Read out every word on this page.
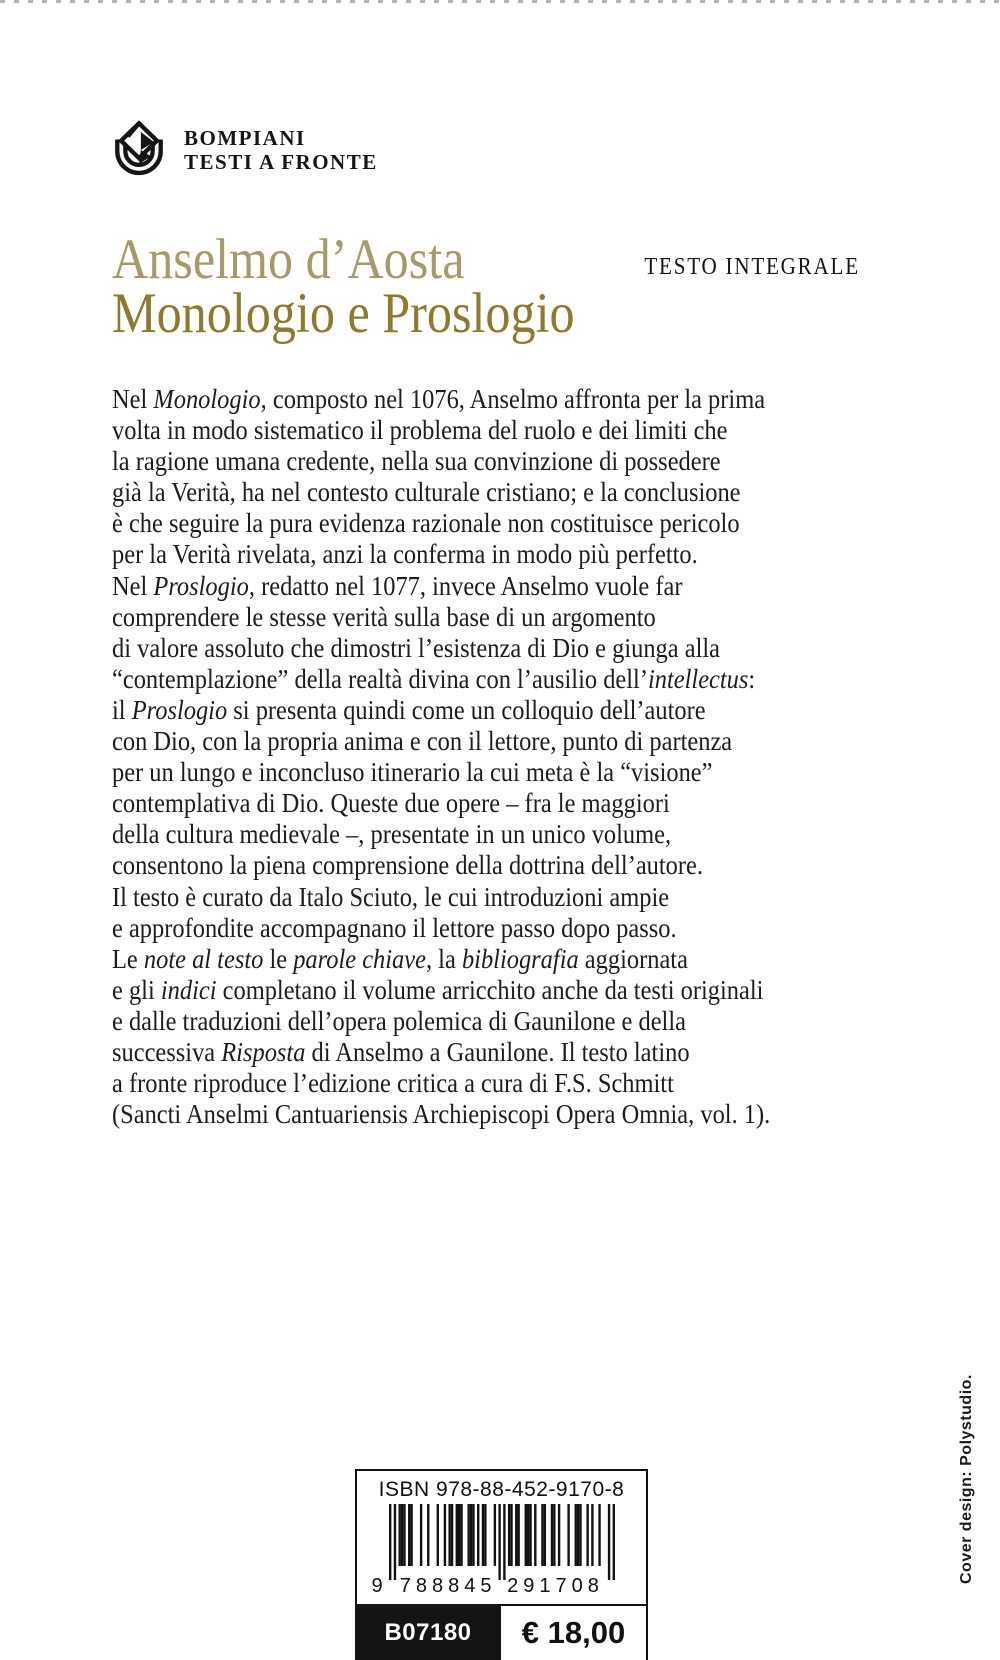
BOMPIANI
TESTI A FRONTE
Anselmo d’Aosta
Monologio e Proslogio
TESTO INTEGRALE
Nel Monologio, composto nel 1076, Anselmo affronta per la prima
volta in modo sistematico il problema del ruolo e dei limiti che
la ragione umana credente, nella sua convinzione di possedere
già la Verità, ha nel contesto culturale cristiano; e la conclusione
è che seguire la pura evidenza razionale non costituisce pericolo
per la Verità rivelata, anzi la conferma in modo più perfetto.
Nel Proslogio, redatto nel 1077, invece Anselmo vuole far
comprendere le stesse verità sulla base di un argomento
di valore assoluto che dimostri l’esistenza di Dio e giunga alla
“contemplazione” della realtà divina con l’ausilio dell’intellectus:
il Proslogio si presenta quindi come un colloquio dell’autore
con Dio, con la propria anima e con il lettore, punto di partenza
per un lungo e inconcluso itinerario la cui meta è la “visione”
contemplativa di Dio. Queste due opere – fra le maggiori
della cultura medievale –, presentate in un unico volume,
consentono la piena comprensione della dottrina dell’autore.
Il testo è curato da Italo Sciuto, le cui introduzioni ampie
e approfondite accompagnano il lettore passo dopo passo.
Le note al testo le parole chiave, la bibliografia aggiornata
e gli indici completano il volume arricchito anche da testi originali
e dalle traduzioni dell’opera polemica di Gaunilone e della
successiva Risposta di Anselmo a Gaunilone. Il testo latino
a fronte riproduce l’edizione critica a cura di F.S. Schmitt
(Sancti Anselmi Cantuariensis Archiepiscopi Opera Omnia, vol. 1).
ISBN 978-88-452-9170-8
9 788845 291708
B07180	€ 18,00
Cover design: Polystudio.
